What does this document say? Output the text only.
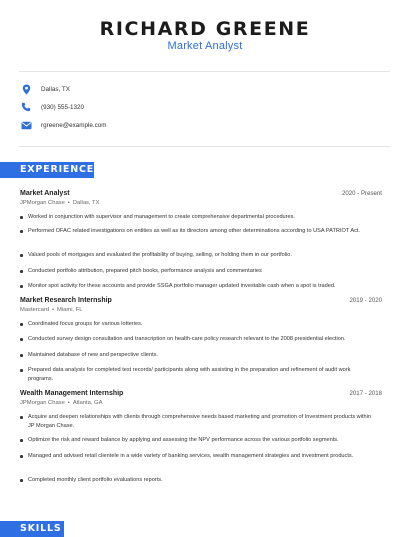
RICHARD GREENE
Market Analyst
Dallas, TX
(930) 555-1320
rgreene@example.com
EXPERIENCE
Market Analyst	2020 - Present
JPMorgan Chase • Dallas, TX
Worked in conjunction with supervisor and management to create comprehensive departmental procedures.
Performed OFAC related investigations on entities as well as its directors among other determinations according to USA PATRIOT Act.
Valued pools of mortgages and evaluated the profitability of buying, selling, or holding them in our portfolio.
Conducted portfolio attribution, prepared pitch books, performance analysis and commentaries
Monitor spot activity for these accounts and provide SSGA portfolio manager updated investable cash when a spot is traded.
Market Research Internship	2019 - 2020
Mastercard • Miami, FL
Coordinated focus groups for various lotteries.
Conducted survey design consultation and transcription on health-care policy research relevant to the 2008 presidential election.
Maintained database of new and perspective clients.
Prepared data analysis for completed test records/ participants along with assisting in the preparation and refinement of audit work programs.
Wealth Management Internship	2017 - 2018
JPMorgan Chase • Atlanta, GA
Acquire and deepen relationships with clients through comprehensive needs based marketing and promotion of Investment products within JP Morgan Chase.
Optimize the risk and reward balance by applying and assessing the NPV performance across the various portfolio segments.
Managed and advised retail clientele in a wide variety of banking services, wealth management strategies and investment products.
Completed monthly client portfolio evaluations reports.
SKILLS
